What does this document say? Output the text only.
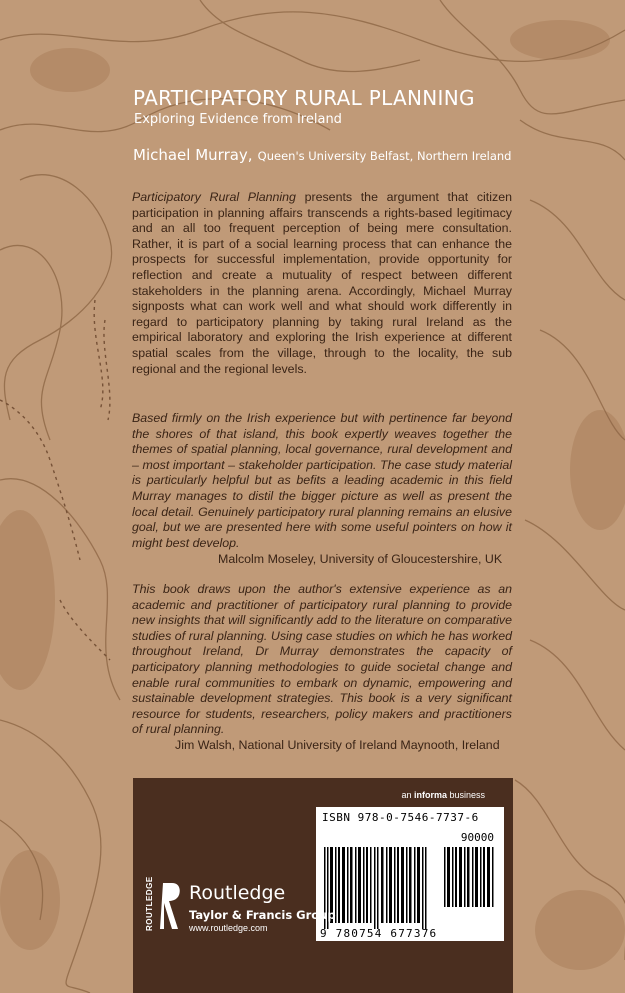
PARTICIPATORY RURAL PLANNING
Exploring Evidence from Ireland
Michael Murray, Queen's University Belfast, Northern Ireland
Participatory Rural Planning presents the argument that citizen participation in planning affairs transcends a rights-based legitimacy and an all too frequent perception of being mere consultation. Rather, it is part of a social learning process that can enhance the prospects for successful implementation, provide opportunity for reflection and create a mutuality of respect between different stakeholders in the planning arena. Accordingly, Michael Murray signposts what can work well and what should work differently in regard to participatory planning by taking rural Ireland as the empirical laboratory and exploring the Irish experience at different spatial scales from the village, through to the locality, the sub regional and the regional levels.
Based firmly on the Irish experience but with pertinence far beyond the shores of that island, this book expertly weaves together the themes of spatial planning, local governance, rural development and – most important – stakeholder participation. The case study material is particularly helpful but as befits a leading academic in this field Murray manages to distil the bigger picture as well as present the local detail. Genuinely participatory rural planning remains an elusive goal, but we are presented here with some useful pointers on how it might best develop.
Malcolm Moseley, University of Gloucestershire, UK
This book draws upon the author's extensive experience as an academic and practitioner of participatory rural planning to provide new insights that will significantly add to the literature on comparative studies of rural planning. Using case studies on which he has worked throughout Ireland, Dr Murray demonstrates the capacity of participatory planning methodologies to guide societal change and enable rural communities to embark on dynamic, empowering and sustainable development strategies. This book is a very significant resource for students, researchers, policy makers and practitioners of rural planning.
Jim Walsh, National University of Ireland Maynooth, Ireland
an informa business
ISBN 978-0-7546-7737-6
90000
9 780754 677376
ROUTLEDGE Routledge
Taylor & Francis Group
www.routledge.com
